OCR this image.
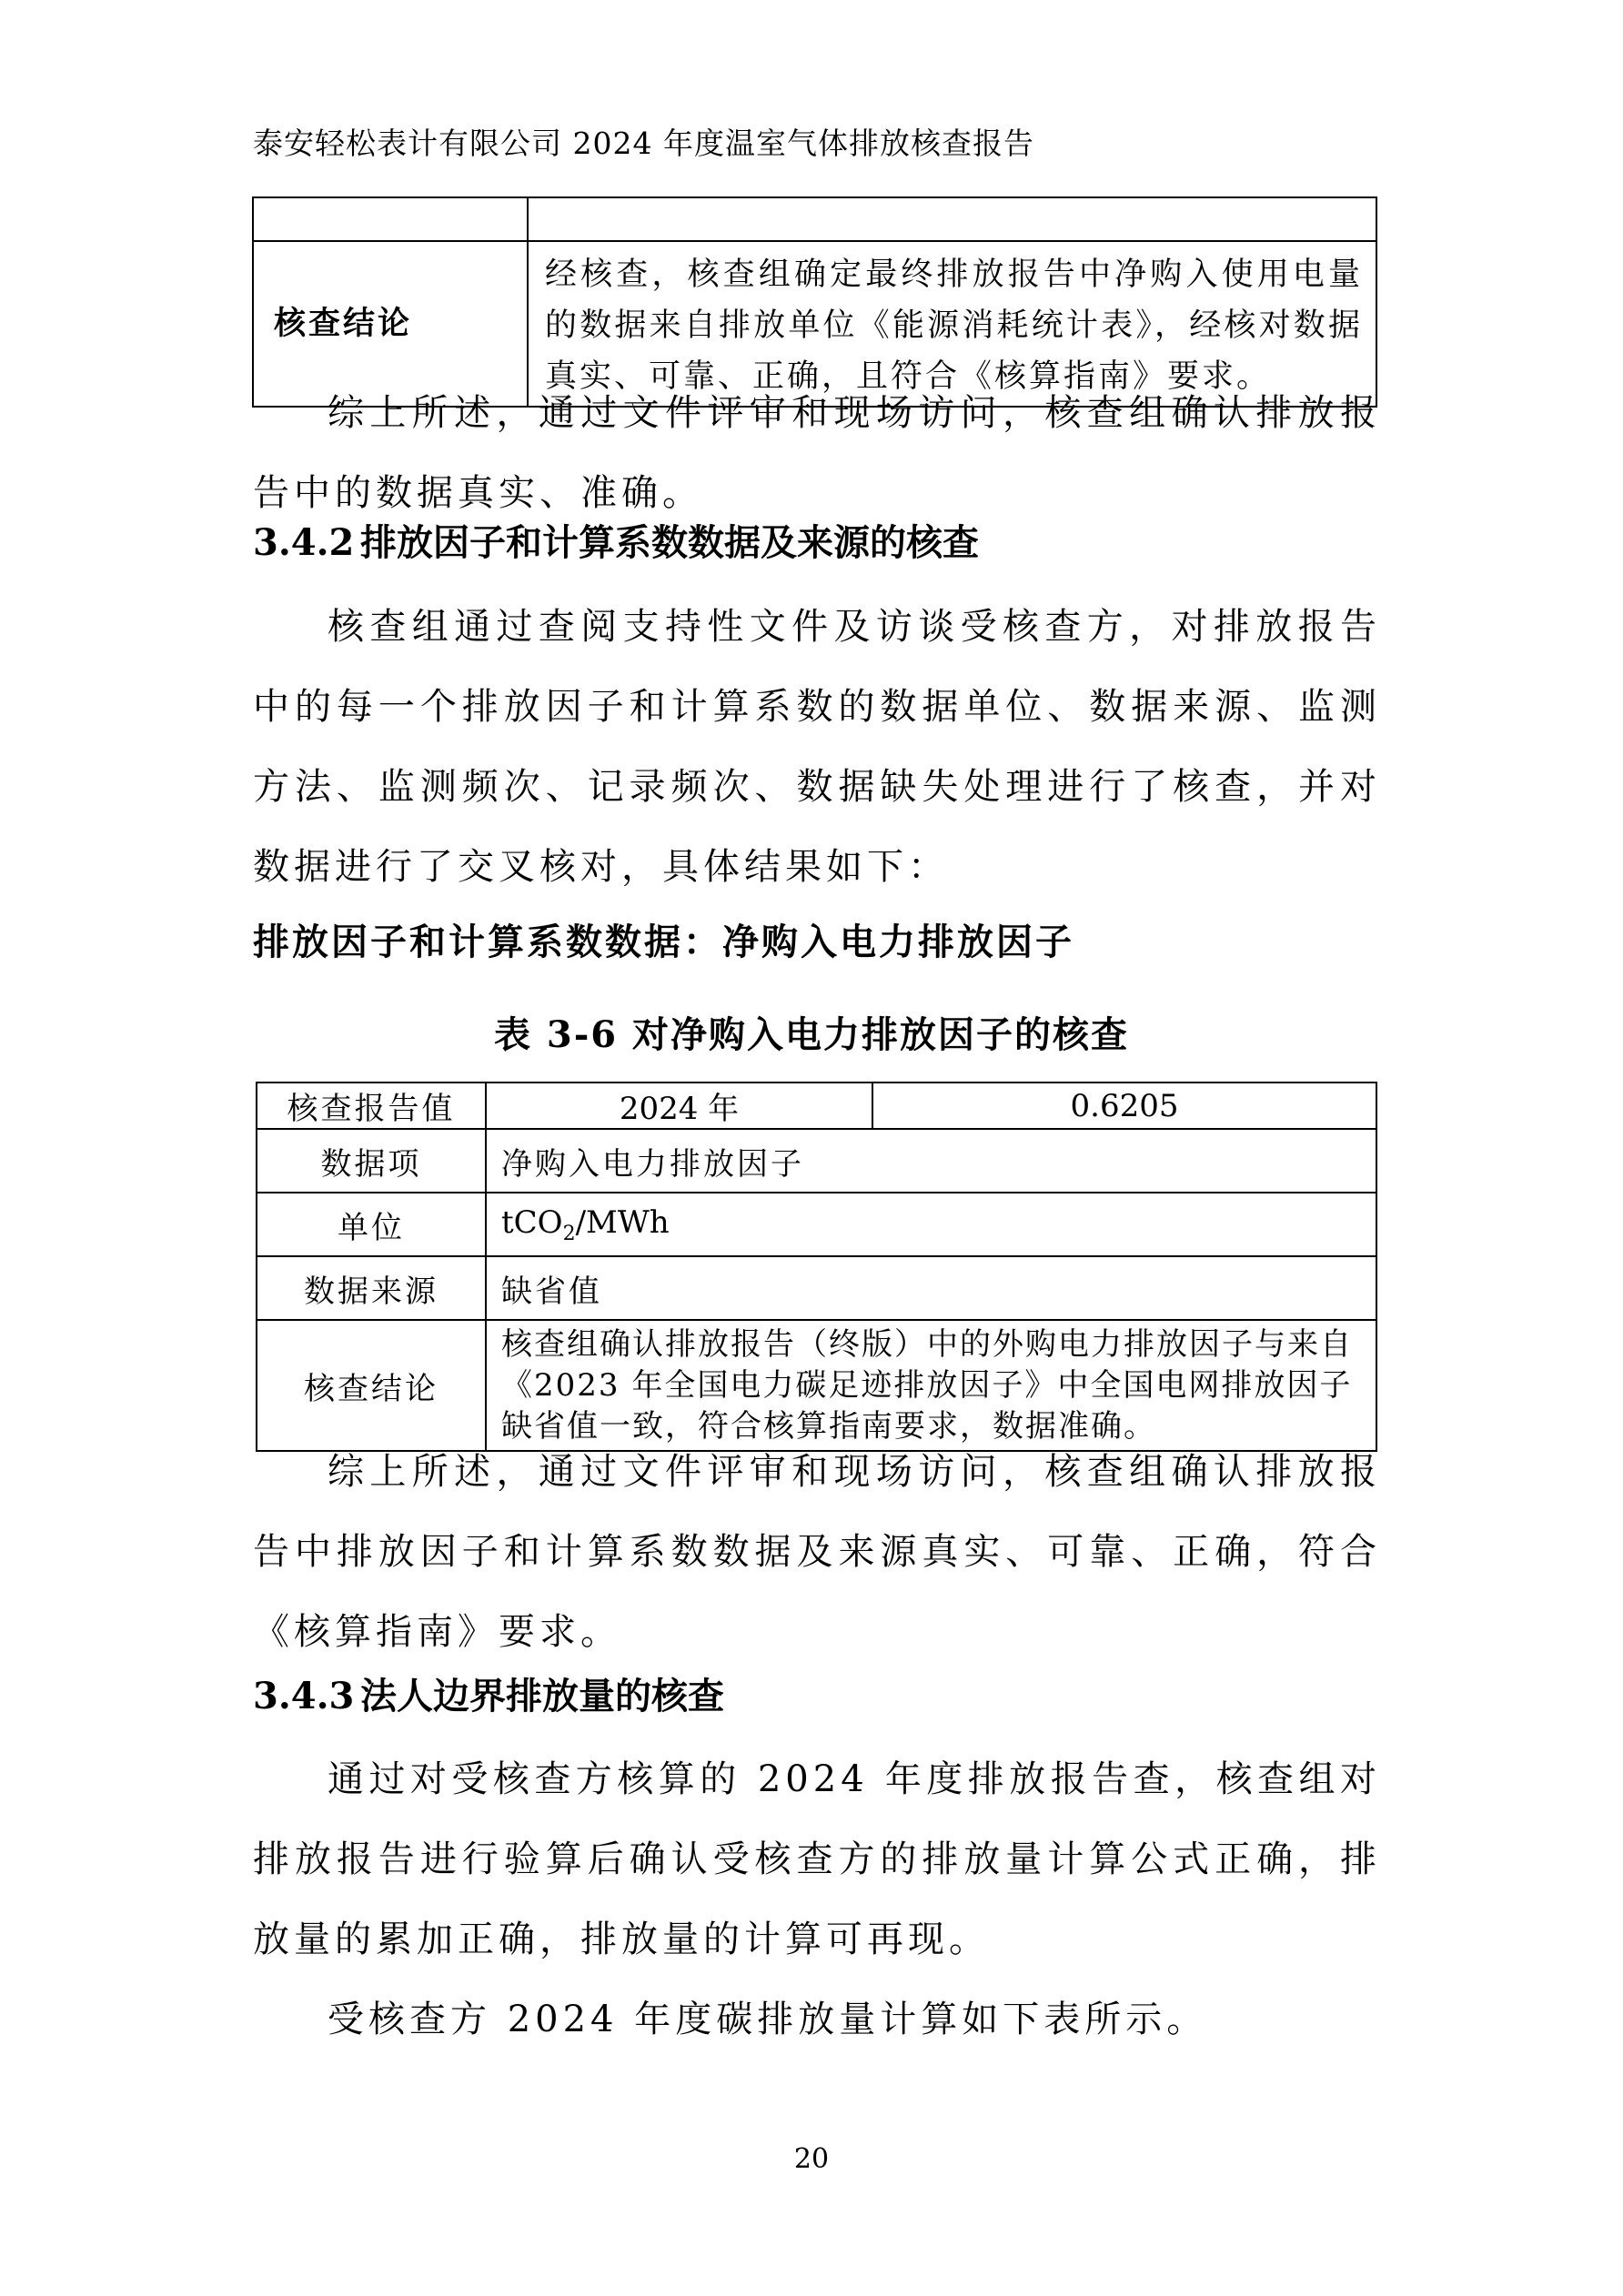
泰安轻松表计有限公司 2024 年度温室气体排放核查报告

核查结论	经核查，核查组确定最终排放报告中净购入使用电量的数据来自排放单位《能源消耗统计表》，经核对数据真实、可靠、正确，且符合《核算指南》要求。

综上所述，通过文件评审和现场访问，核查组确认排放报告中的数据真实、准确。

3.4.2 排放因子和计算系数数据及来源的核查

核查组通过查阅支持性文件及访谈受核查方，对排放报告中的每一个排放因子和计算系数的数据单位、数据来源、监测方法、监测频次、记录频次、数据缺失处理进行了核查，并对数据进行了交叉核对，具体结果如下：

排放因子和计算系数数据：净购入电力排放因子
表 3-6 对净购入电力排放因子的核查
核查报告值	2024 年	0.6205
数据项	净购入电力排放因子	
单位	tCO$_2$/MWh	
数据来源	缺省值	
核查结论	核查组确认排放报告（终版）中的外购电力排放因子与来自《2023 年全国电力碳足迹排放因子》中全国电网排放因子缺省值一致，符合核算指南要求，数据准确。	

综上所述，通过文件评审和现场访问，核查组确认排放报告中排放因子和计算系数数据及来源真实、可靠、正确，符合《核算指南》要求。

3.4.3 法人边界排放量的核查

通过对受核查方核算的 2024 年度排放报告查，核查组对排放报告进行验算后确认受核查方的排放量计算公式正确，排放量的累加正确，排放量的计算可再现。

受核查方 2024 年度碳排放量计算如下表所示。

20
